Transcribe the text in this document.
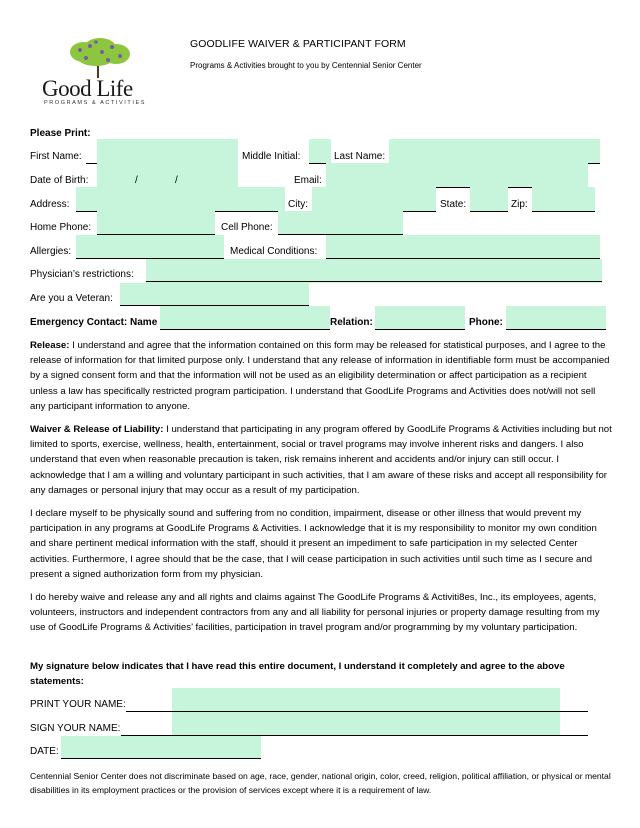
Good Life
PROGRAMS & ACTIVITIES
GOODLIFE WAIVER & PARTICIPANT FORM
Programs & Activities brought to you by Centennial Senior Center
Please Print:
First Name:	Middle Initial:	Last Name:
Date of Birth:	/	/	Email:
Address:	City:	State:	Zip:
Home Phone:	Cell Phone:
Allergies:	Medical Conditions:
Physician’s restrictions:
Are you a Veteran:
Emergency Contact: Name	Relation:	Phone:
Release: I understand and agree that the information contained on this form may be released for statistical purposes, and I agree to the release of information for that limited purpose only. I understand that any release of information in identifiable form must be accompanied by a signed consent form and that the information will not be used as an eligibility determination or affect participation as a recipient unless a law has specifically restricted program participation. I understand that GoodLife Programs and Activities does not/will not sell any participant information to anyone.
Waiver & Release of Liability: I understand that participating in any program offered by GoodLife Programs & Activities including but not limited to sports, exercise, wellness, health, entertainment, social or travel programs may involve inherent risks and dangers. I also understand that even when reasonable precaution is taken, risk remains inherent and accidents and/or injury can still occur. I acknowledge that I am a willing and voluntary participant in such activities, that I am aware of these risks and accept all responsibility for any damages or personal injury that may occur as a result of my participation.
I declare myself to be physically sound and suffering from no condition, impairment, disease or other illness that would prevent my participation in any programs at GoodLife Programs & Activities. I acknowledge that it is my responsibility to monitor my own condition and share pertinent medical information with the staff, should it present an impediment to safe participation in my selected Center activities. Furthermore, I agree should that be the case, that I will cease participation in such activities until such time as I secure and present a signed authorization form from my physician.
I do hereby waive and release any and all rights and claims against The GoodLife Programs & Activiti8es, Inc., its employees, agents, volunteers, instructors and independent contractors from any and all liability for personal injuries or property damage resulting from my use of GoodLife Programs & Activities’ facilities, participation in travel program and/or programming by my voluntary participation.
My signature below indicates that I have read this entire document, I understand it completely and agree to the above statements:
PRINT YOUR NAME:
SIGN YOUR NAME:
DATE:
Centennial Senior Center does not discriminate based on age, race, gender, national origin, color, creed, religion, political affiliation, or physical or mental disabilities in its employment practices or the provision of services except where it is a requirement of law.
